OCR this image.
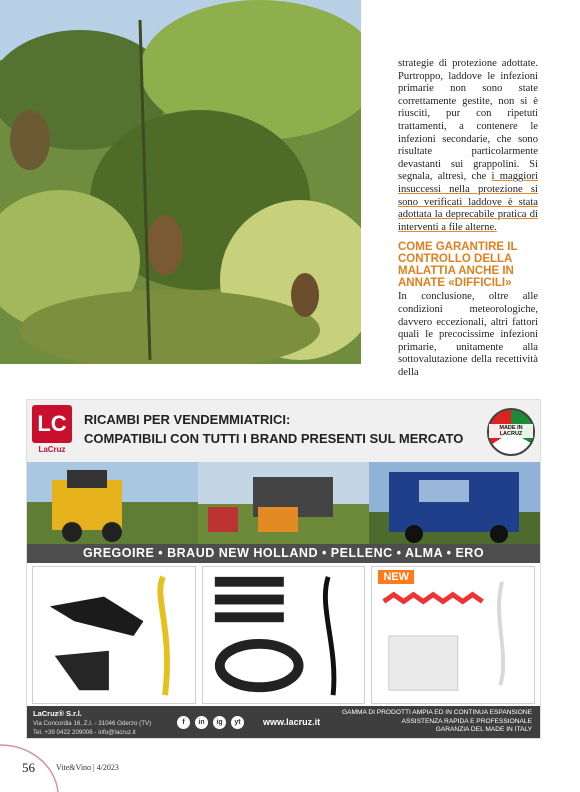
strategie di protezione adottate. Purtroppo, laddove le infezioni primarie non sono state correttamente gestite, non si è riusciti, pur con ripetuti trattamenti, a contenere le infezioni secondarie, che sono risultate particolarmente devastanti sui grappolini. Si segnala, altresì, che i maggiori insuccessi nella protezione si sono verificati laddove è stata adottata la deprecabile pratica di interventi a file alterne.

COME GARANTIRE IL CONTROLLO DELLA MALATTIA ANCHE IN ANNATE «DIFFICILI»

In conclusione, oltre alle condizioni meteorologiche, davvero eccezionali, altri fattori quali le precocissime infezioni primarie, unitamente alla sottovalutazione della recettività della

LC
LaCruz
RICAMBI PER VENDEMMIATRICI:
COMPATIBILI CON TUTTI I BRAND PRESENTI SUL MERCATO
MADE IN LACRUZ
GREGOIRE • BRAUD NEW HOLLAND • PELLENC • ALMA • ERO
NEW
LaCruz® S.r.l.
Via Concordia 16, Z.I. - 31046 Oderzo (TV)
Tel. +39 0422 209006 - info@lacruz.it
f	in	ig	yt	www.lacruz.it
GAMMA DI PRODOTTI AMPIA ED IN CONTINUA ESPANSIONE
ASSISTENZA RAPIDA E PROFESSIONALE
GARANZIA DEL MADE IN ITALY
56	Vite&Vino | 4/2023
